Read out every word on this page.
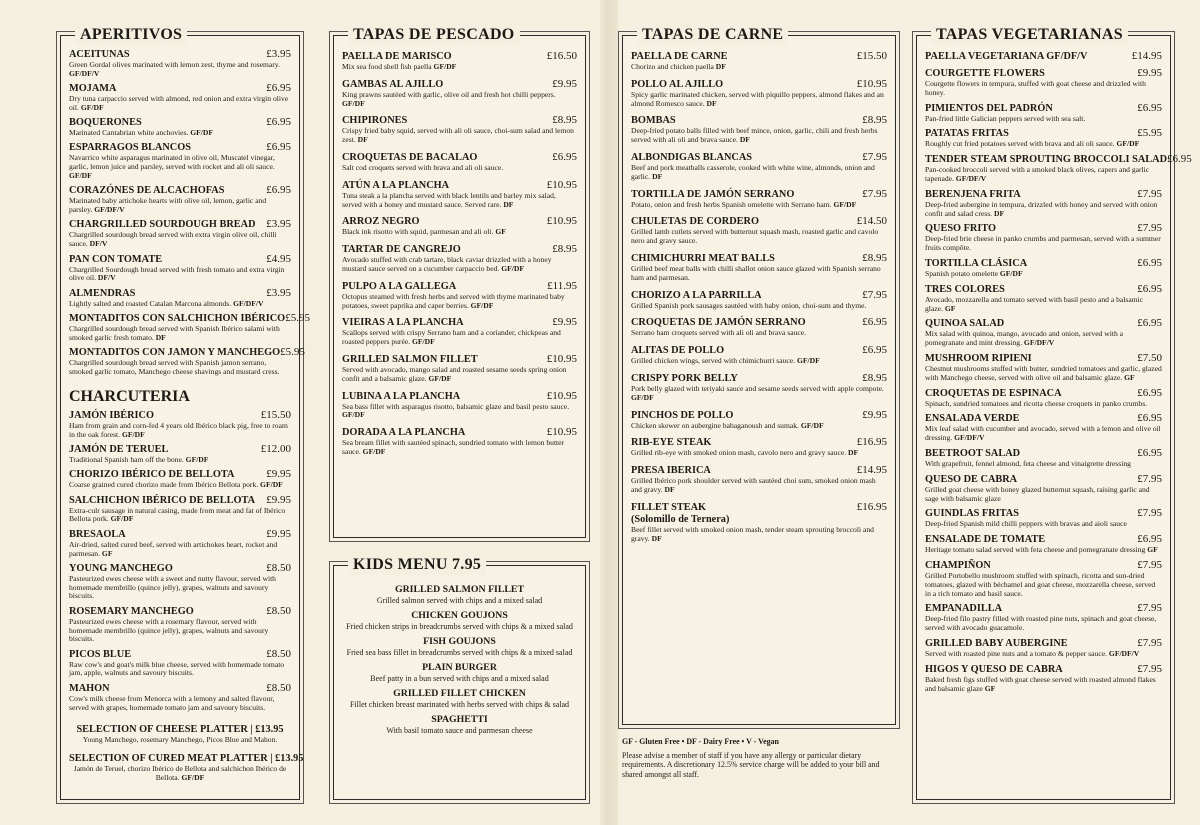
APERITIVOS
ACEITUNAS	£3.95
Green Gordal olives marinated with lemon zest, thyme and rosemary. GF/DF/V
MOJAMA	£6.95
Dry tuna carpaccio served with almond, red onion and extra virgin olive oil. GF/DF
BOQUERONES	£6.95
Marinated Cantabrian white anchovies. GF/DF
ESPARRAGOS BLANCOS	£6.95
Navarrico white asparagus marinated in olive oil, Muscatel vinegar, garlic, lemon juice and parsley, served with rocket and ali oli sauce. GF/DF
CORAZÓNES DE ALCACHOFAS	£6.95
Marinated baby artichoke hearts with olive oil, lemon, garlic and parsley. GF/DF/V
CHARGRILLED SOURDOUGH BREAD £3.95
Chargrilled sourdough bread served with extra virgin olive oil, chilli sauce. DF/V
PAN CON TOMATE	£4.95
Chargrilled Sourdough bread served with fresh tomato and extra virgin olive oil. DF/V
ALMENDRAS	£3.95
Lightly salted and roasted Catalan Marcona almonds. GF/DF/V
MONTADITOS CON SALCHICHON IBÉRICO £5.95
Chargrilled sourdough bread served with Spanish Ibérico salami with smoked garlic fresh tomato. DF
MONTADITOS CON JAMON Y MANCHEGO £5.95
Chargrilled sourdough bread served with Spanish jamon serrano, smoked garlic tomato, Manchego cheese shavings and mustard cress.
CHARCUTERIA
JAMÓN IBÉRICO	£15.50
Ham from grain and corn-fed 4 years old Ibérico black pig, free to roam in the oak forest. GF/DF
JAMÓN DE TERUEL	£12.00
Traditional Spanish ham off the bone. GF/DF
CHORIZO IBÉRICO DE BELLOTA	£9.95
Coarse grained cured chorizo made from Ibérico Bellota pork. GF/DF
SALCHICHON IBÉRICO DE BELLOTA £9.95
Extra-culr sausage in natural casing, made from meat and fat of Ibérico Bellota pork. GF/DF
BRESAOLA	£9.95
Air-dried, salted cured beef, served with artichokes heart, rocket and parmesan. GF
YOUNG MANCHEGO	£8.50
Pasteurized ewes cheese with a sweet and nutty flavour, served with homemade membrillo (quince jelly), grapes, walnuts and savoury biscuits.
ROSEMARY MANCHEGO	£8.50
Pasteurized ewes cheese with a rosemary flavour, served with homemade membrillo (quince jelly), grapes, walnuts and savoury biscuits.
PICOS BLUE	£8.50
Raw cow's and goat's milk blue cheese, served with homemade tomato jam, apple, walnuts and savoury biscuits.
MAHON	£8.50
Cow's milk cheese from Menorca with a lemony and salted flavour, served with grapes, homemade tomato jam and savoury biscuits.
SELECTION OF CHEESE PLATTER | £13.95
Young Manchego, rosemary Manchego, Picos Blue and Mahon.
SELECTION OF CURED MEAT PLATTER | £13.95
Jamón de Teruel, chorizo Ibérico de Bellota and salchichon Ibérico de Bellota. GF/DF
TAPAS DE PESCADO
PAELLA DE MARISCO	£16.50
Mix sea food shell fish paella GF/DF
GAMBAS AL AJILLO	£9.95
King prawns sautéed with garlic, olive oil and fresh hot chilli peppers. GF/DF
CHIPIRONES	£8.95
Crispy fried baby squid, served with ali oli sauce, choi-sum salad and lemon zest. DF
CROQUETAS DE BACALAO	£6.95
Salt cod croquets served with brava and ali oli sauce.
ATÚN A LA PLANCHA	£10.95
Tuna steak a la plancha served with black lentils and barley mix salad, served with a honey and mustard sauce. Served rare. DF
ARROZ NEGRO	£10.95
Black ink risotto with squid, parmesan and ali oli. GF
TARTAR DE CANGREJO	£8.95
Avocado stuffed with crab tartare, black caviar drizzled with a honey mustard sauce served on a cucumber carpaccio bed. GF/DF
PULPO A LA GALLEGA	£11.95
Octopus steamed with fresh herbs and served with thyme marinated baby potatoes, sweet paprika and caper berries. GF/DF
VIEIRAS A LA PLANCHA	£9.95
Scallops served with crispy Serrano ham and a coriander, chickpeas and roasted peppers purée. GF/DF
GRILLED SALMON FILLET	£10.95
Served with avocado, mango salad and roasted sesame seeds spring onion confit and a balsamic glaze. GF/DF
LUBINA A LA PLANCHA	£10.95
Sea bass fillet with asparagus risotto, balsamic glaze and basil pesto sauce. GF/DF
DORADA A LA PLANCHA	£10.95
Sea bream fillet with sautéed spinach, sundried tomato with lemon butter sauce. GF/DF
KIDS MENU 7.95
GRILLED SALMON FILLET
Grilled salmon served with chips and a mixed salad
CHICKEN GOUJONS
Fried chicken strips in breadcrumbs served with chips & a mixed salad
FISH GOUJONS
Fried sea bass fillet in breadcrumbs served with chips & a mixed salad
PLAIN BURGER
Beef patty in a bun served with chips and a mixed salad
GRILLED FILLET CHICKEN
Fillet chicken breast marinated with herbs served with chips & salad
SPAGHETTI
With basil tomato sauce and parmesan cheese
TAPAS DE CARNE
PAELLA DE CARNE	£15.50
Chorizo and chicken paella DF
POLLO AL AJILLO	£10.95
Spicy garlic marinated chicken, served with piquillo peppers, almond flakes and an almond Romesco sauce. DF
BOMBAS	£8.95
Deep-fried potato balls filled with beef mince, onion, garlic, chili and fresh herbs served with ali oli and brava sauce. DF
ALBONDIGAS BLANCAS	£7.95
Beef and pork meatballs casserole, cooked with white wine, almonds, onion and garlic. DF
TORTILLA DE JAMÓN SERRANO	£7.95
Potato, onion and fresh herbs Spanish omelette with Serrano ham. GF/DF
CHULETAS DE CORDERO	£14.50
Grilled lamb cutlets served with butternut squash mash, roasted garlic and cavolo nero and gravy sauce.
CHIMICHURRI MEAT BALLS	£8.95
Grilled beef meat balls with chilli shallot onion sauce glazed with Spanish serrano ham and parmesan.
CHORIZO A LA PARRILLA	£7.95
Grilled Spanish pork sausages sautéed with baby onion, choi-sum and thyme.
CROQUETAS DE JAMÓN SERRANO	£6.95
Serrano ham croquets served with ali oli and brava sauce.
ALITAS DE POLLO	£6.95
Grilled chicken wings, served with chimichurri sauce. GF/DF
CRISPY PORK BELLY	£8.95
Pork belly glazed with teriyaki sauce and sesame seeds served with apple compote. GF/DF
PINCHOS DE POLLO	£9.95
Chicken skewer on aubergine babaganoush and sumak. GF/DF
RIB-EYE STEAK	£16.95
Grilled rib-eye with smoked onion mash, cavolo nero and gravy sauce. DF
PRESA IBERICA	£14.95
Grilled Ibérico pork shoulder served with sautéed choi sum, smoked onion mash and gravy. DF
FILLET STEAK	£16.95
(Solomillo de Ternera)
Beef fillet served with smoked onion mash, tender steam sprouting broccoli and gravy. DF
GF - Gluten Free • DF - Dairy Free • V - Vegan
Please advise a member of staff if you have any allergy or particular dietary requirements. A discretionary 12.5% service charge will be added to your bill and shared amongst all staff.
TAPAS VEGETARIANAS
PAELLA VEGETARIANA GF/DF/V	£14.95
COURGETTE FLOWERS	£9.95
Courgette flowers in tempura, stuffed with goat cheese and drizzled with honey.
PIMIENTOS DEL PADRÓN	£6.95
Pan-fried little Galician peppers served with sea salt.
PATATAS FRITAS	£5.95
Roughly cut fried potatoes served with brava and ali oli sauce. GF/DF
TENDER STEAM SPROUTING BROCCOLI SALAD £6.95
Pan-cooked broccoli served with a smoked black olives, capers and garlic tapenade. GF/DF/V
BERENJENA FRITA	£7.95
Deep-fried aubergine in tempura, drizzled with honey and served with onion confit and salad cress. DF
QUESO FRITO	£7.95
Deep-fried brie cheese in panko crumbs and parmesan, served with a summer fruits compôte.
TORTILLA CLÁSICA	£6.95
Spanish potato omelette GF/DF
TRES COLORES	£6.95
Avocado, mozzarella and tomato served with basil pesto and a balsamic glaze. GF
QUINOA SALAD	£6.95
Mix salad with quinoa, mango, avocado and onion, served with a pomegranate and mint dressing. GF/DF/V
MUSHROOM RIPIENI	£7.50
Chestnut mushrooms stuffed with butter, sundried tomatoes and garlic, glazed with Manchego cheese, served with olive oil and balsamic glaze. GF
CROQUETAS DE ESPINACA	£6.95
Spinach, sundried tomatoes and ricotta cheese croquets in panko crumbs.
ENSALADA VERDE	£6.95
Mix leaf salad with cucumber and avocado, served with a lemon and olive oil dressing. GF/DF/V
BEETROOT SALAD	£6.95
With grapefruit, fennel almond, feta cheese and vinaigrette dressing
QUESO DE CABRA	£7.95
Grilled goat cheese with honey glazed butternut squash, raising garlic and sage with balsamic glaze
GUINDLAS FRITAS	£7.95
Deep-fried Spanish mild chilli peppers with bravas and aioli sauce
ENSALADE DE TOMATE	£6.95
Heritage tomato salad served with feta cheese and pomegranate dressing GF
CHAMPIÑON	£7.95
Grilled Portobello mushroom stuffed with spinach, ricotta and sun-dried tomatoes, glazed with béchamel and goat cheese, mozzarella cheese, served in a rich tomato and basil sauce.
EMPANADILLA	£7.95
Deep-fried filo pastry filled with roasted pine nuts, spinach and goat cheese, served with avocado guacamole.
GRILLED BABY AUBERGINE	£7.95
Served with roasted pine nuts and a tomato & pepper sauce. GF/DF/V
HIGOS Y QUESO DE CABRA	£7.95
Baked fresh figs stuffed with goat cheese served with roasted almond flakes and balsamic glaze GF
